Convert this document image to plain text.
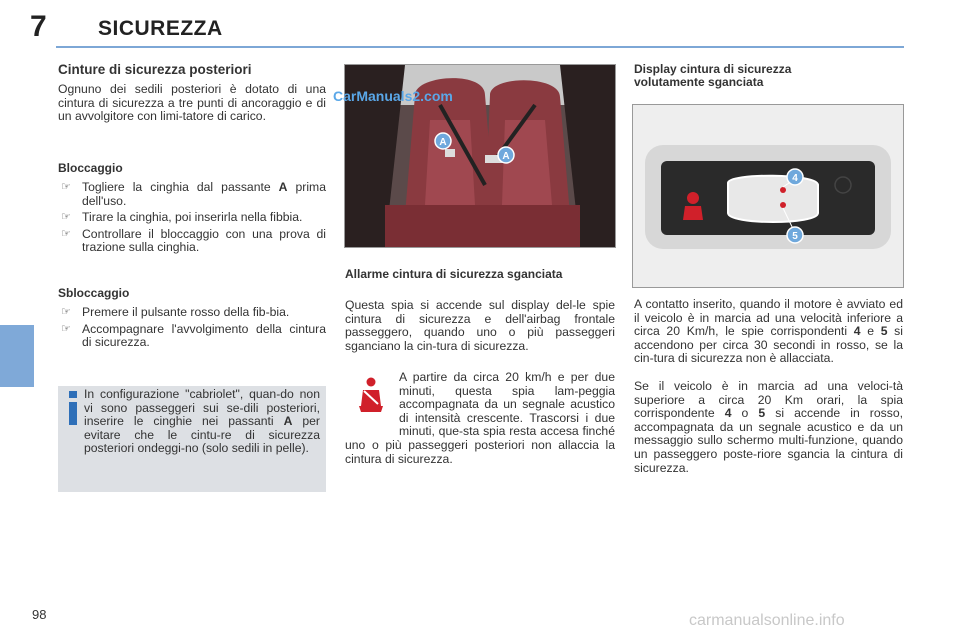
7 SICUREZZA
Cinture di sicurezza posteriori
Ognuno dei sedili posteriori è dotato di una cintura di sicurezza a tre punti di ancoraggio e di un avvolgitore con limi-tatore di carico.
Bloccaggio
☞ Togliere la cinghia dal passante A prima dell'uso.
☞ Tirare la cinghia, poi inserirla nella fibbia.
☞ Controllare il bloccaggio con una prova di trazione sulla cinghia.
Sbloccaggio
☞ Premere il pulsante rosso della fib-bia.
☞ Accompagnare l'avvolgimento della cintura di sicurezza.
In configurazione "cabriolet", quan-do non vi sono passeggeri sui se-dili posteriori, inserire le cinghie nei passanti A per evitare che le cintu-re di sicurezza posteriori ondeggi-no (solo sedili in pelle).
A
A
CarManuals2.com
Allarme cintura di sicurezza sganciata
Questa spia si accende sul display del-le spie cintura di sicurezza e dell'airbag frontale passeggero, quando uno o più passeggeri sganciano la cin-tura di sicurezza.
A partire da circa 20 km/h e per due minuti, questa spia lam-peggia accompagnata da un segnale acustico di intensità crescente. Trascorsi i due minuti, que-sta spia resta accesa finché uno o più passeggeri posteriori non allaccia la cintura di sicurezza.
Display cintura di sicurezza volutamente sganciata
4
5
A contatto inserito, quando il motore è avviato ed il veicolo è in marcia ad una velocità inferiore a circa 20 Km/h, le spie corrispondenti 4 e 5 si accendono per circa 30 secondi in rosso, se la cin-tura di sicurezza non è allacciata.
Se il veicolo è in marcia ad una veloci-tà superiore a circa 20 Km orari, la spia corrispondente 4 o 5 si accende in rosso, accompagnata da un segnale acustico e da un messaggio sullo schermo multi-funzione, quando un passeggero poste-riore sgancia la cintura di sicurezza.
98	carmanualsonline.info
